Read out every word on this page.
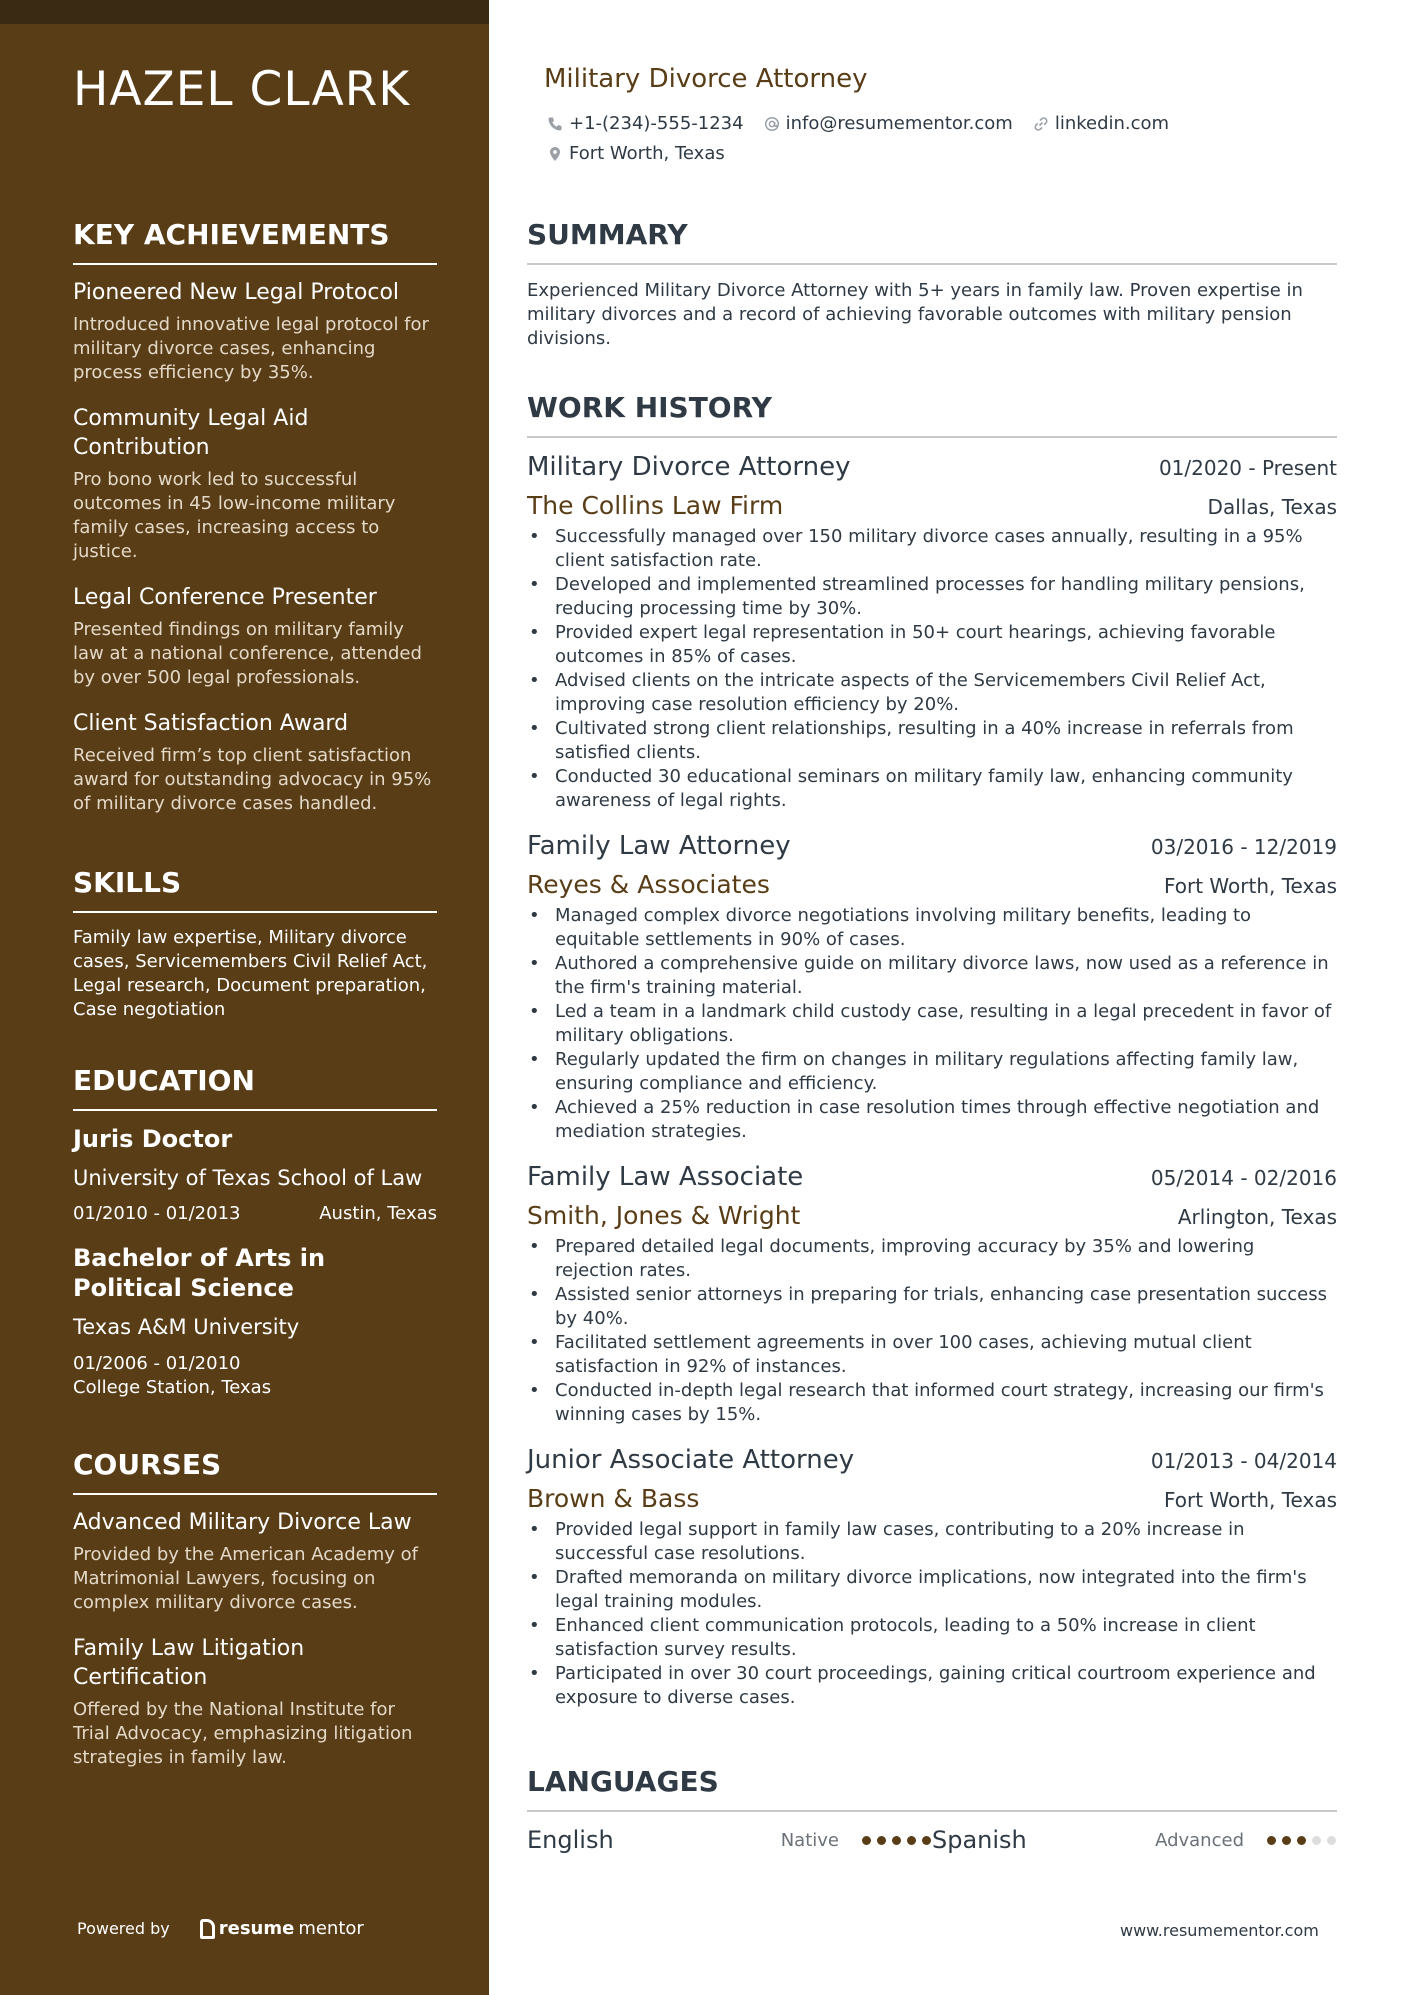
HAZEL CLARK
KEY ACHIEVEMENTS
Pioneered New Legal Protocol
Introduced innovative legal protocol for military divorce cases, enhancing process efficiency by 35%.
Community Legal Aid Contribution
Pro bono work led to successful outcomes in 45 low-income military family cases, increasing access to justice.
Legal Conference Presenter
Presented findings on military family law at a national conference, attended by over 500 legal professionals.
Client Satisfaction Award
Received firm’s top client satisfaction award for outstanding advocacy in 95% of military divorce cases handled.
SKILLS
Family law expertise, Military divorce cases, Servicemembers Civil Relief Act, Legal research, Document preparation, Case negotiation
EDUCATION
Juris Doctor
University of Texas School of Law
01/2010 - 01/2013	Austin, Texas
Bachelor of Arts in Political Science
Texas A&M University
01/2006 - 01/2010
College Station, Texas
COURSES
Advanced Military Divorce Law
Provided by the American Academy of Matrimonial Lawyers, focusing on complex military divorce cases.
Family Law Litigation Certification
Offered by the National Institute for Trial Advocacy, emphasizing litigation strategies in family law.
Powered by	resume mentor
Military Divorce Attorney
+1-(234)-555-1234 info@resumementor.com linkedin.com
Fort Worth, Texas
SUMMARY

Experienced Military Divorce Attorney with 5+ years in family law. Proven expertise in military divorces and a record of achieving favorable outcomes with military pension divisions.

WORK HISTORY
Military Divorce Attorney	01/2020 - Present
The Collins Law Firm	Dallas, Texas
• Successfully managed over 150 military divorce cases annually, resulting in a 95% client satisfaction rate.
• Developed and implemented streamlined processes for handling military pensions, reducing processing time by 30%.
• Provided expert legal representation in 50+ court hearings, achieving favorable outcomes in 85% of cases.
• Advised clients on the intricate aspects of the Servicemembers Civil Relief Act, improving case resolution efficiency by 20%.
• Cultivated strong client relationships, resulting in a 40% increase in referrals from satisfied clients.
• Conducted 30 educational seminars on military family law, enhancing community awareness of legal rights.
Family Law Attorney	03/2016 - 12/2019
Reyes & Associates	Fort Worth, Texas
• Managed complex divorce negotiations involving military benefits, leading to equitable settlements in 90% of cases.
• Authored a comprehensive guide on military divorce laws, now used as a reference in the firm's training material.
• Led a team in a landmark child custody case, resulting in a legal precedent in favor of military obligations.
• Regularly updated the firm on changes in military regulations affecting family law, ensuring compliance and efficiency.
• Achieved a 25% reduction in case resolution times through effective negotiation and mediation strategies.
Family Law Associate	05/2014 - 02/2016
Smith, Jones & Wright	Arlington, Texas
• Prepared detailed legal documents, improving accuracy by 35% and lowering rejection rates.
• Assisted senior attorneys in preparing for trials, enhancing case presentation success by 40%.
• Facilitated settlement agreements in over 100 cases, achieving mutual client satisfaction in 92% of instances.
• Conducted in-depth legal research that informed court strategy, increasing our firm's winning cases by 15%.
Junior Associate Attorney	01/2013 - 04/2014
Brown & Bass	Fort Worth, Texas
• Provided legal support in family law cases, contributing to a 20% increase in successful case resolutions.
• Drafted memoranda on military divorce implications, now integrated into the firm's legal training modules.
• Enhanced client communication protocols, leading to a 50% increase in client satisfaction survey results.
• Participated in over 30 court proceedings, gaining critical courtroom experience and exposure to diverse cases.
LANGUAGES
English	Native	Spanish	Advanced
www.resumementor.com
